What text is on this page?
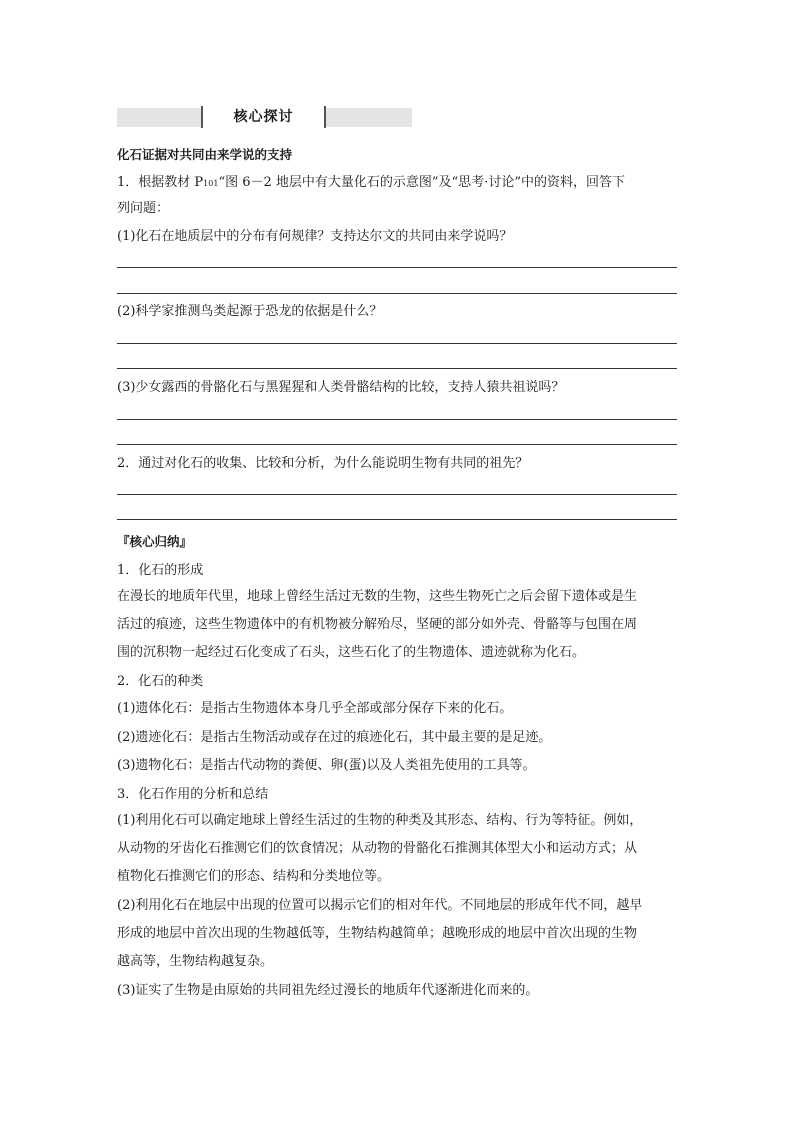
核心探讨
化石证据对共同由来学说的支持
1．根据教材 P101“图 6－2 地层中有大量化石的示意图”及“思考·讨论”中的资料，回答下
列问题：
(1)化石在地质层中的分布有何规律？支持达尔文的共同由来学说吗？
(2)科学家推测鸟类起源于恐龙的依据是什么？
(3)少女露西的骨骼化石与黑猩猩和人类骨骼结构的比较，支持人猿共祖说吗？
2．通过对化石的收集、比较和分析，为什么能说明生物有共同的祖先？
『核心归纳』
1．化石的形成
在漫长的地质年代里，地球上曾经生活过无数的生物，这些生物死亡之后会留下遗体或是生
活过的痕迹，这些生物遗体中的有机物被分解殆尽，坚硬的部分如外壳、骨骼等与包围在周
围的沉积物一起经过石化变成了石头，这些石化了的生物遗体、遗迹就称为化石。
2．化石的种类
(1)遗体化石：是指古生物遗体本身几乎全部或部分保存下来的化石。
(2)遗迹化石：是指古生物活动或存在过的痕迹化石，其中最主要的是足迹。
(3)遗物化石：是指古代动物的粪便、卵(蛋)以及人类祖先使用的工具等。
3．化石作用的分析和总结
(1)利用化石可以确定地球上曾经生活过的生物的种类及其形态、结构、行为等特征。例如，
从动物的牙齿化石推测它们的饮食情况；从动物的骨骼化石推测其体型大小和运动方式；从
植物化石推测它们的形态、结构和分类地位等。
(2)利用化石在地层中出现的位置可以揭示它们的相对年代。不同地层的形成年代不同，越早
形成的地层中首次出现的生物越低等，生物结构越简单；越晚形成的地层中首次出现的生物
越高等，生物结构越复杂。
(3)证实了生物是由原始的共同祖先经过漫长的地质年代逐渐进化而来的。
